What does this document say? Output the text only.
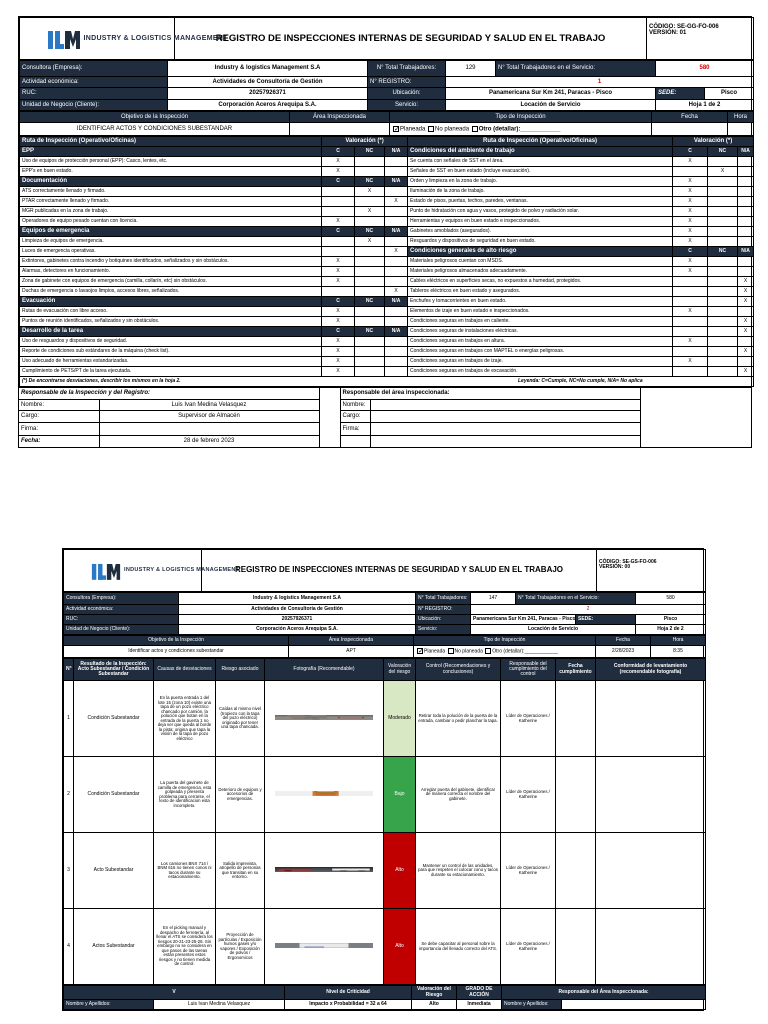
INDUSTRY & LOGISTICS MANAGEMENT
	REGISTRO DE INSPECCIONES INTERNAS DE SEGURIDAD Y SALUD EN EL TRABAJO	
CÓDIGO: SE-GG-FO-006
VERSIÓN: 01
Consultora (Empresa):	Industry & logistics Management S.A	N° Total Trabajadores:	129	N° Total Trabajadores en el Servicio:	580
Actividad económica:	Actividades de Consultoría de Gestión	N° REGISTRO:	1
RUC:	20257926371	Ubicación:	Panamericana Sur Km 241, Paracas - Pisco		SEDE:	Pisco

Unidad de Negocio (Cliente):	Corporación Aceros Arequipa S.A.	Servicio:	Locación de Servicio	Hoja 1 de 2
Objetivo de la Inspección	Área Inspeccionada	Tipo de Inspección	Fecha	Hora
IDENTIFICAR ACTOS Y CONDICIONES SUBESTANDAR		✓Planeada No planeada Otro (detallar):____________		
Ruta de Inspección (Operativo/Oficinas)	Valoración (*)			Ruta de Inspección (Operativo/Oficinas)	Valoración (*)		
EPP	C	NC	N/A	Condiciones del ambiente de trabajo	C	NC	N/A
Uso de equipos de protección personal (EPP): Casco, lentes, etc.	X			Se cuenta con señales de SST en el área.	X		
EPP's en buen estado.	X			Señales de SST en buen estado (incluye evacuación).		X	
Documentación	C	NC	N/A	Orden y limpieza en la zona de trabajo.	X		
ATS correctamente llenado y firmado.		X		Iluminación de la zona de trabajo.	X		
PTAR correctamente llenado y firmado.			X	Estado de pisos, puertas, techos, paredes, ventanas.	X		
MGR publicadas en la zona de trabajo.		X		Punto de hidratación con agua y vasos, protegido de polvo y radiación solar.	X		
Operadores de equipo pesado cuentan con licencia.	X			Herramientas y equipos en buen estado e inspeccionados.	X		
Equipos de emergencia	C	NC	N/A	Gabinetes amoblados (asegurados).	X		
Limpieza de equipos de emergencia.		X		Resguardos y dispositivos de seguridad en buen estado.	X		
Luces de emergencia operativas.			X	Condiciones generales de alto riesgo	C	NC	N/A
Extintores, gabinetes contra incendio y botiquines identificados, señalizados y sin obstáculos.	X			Materiales peligrosos cuentan con MSDS.	X		
Alarmas, detectores en funcionamiento.	X			Materiales peligrosos almacenados adecuadamente.	X		
Zona de gabinete con equipos de emergencia (camilla, collarín, etc) sin obstáculos.	X			Cables eléctricos en superficies secas, no expuestos a humedad, protegidos.			X
Duchas de emergencia o lavaojos limpios, accesos libres, señalizados.			X	Tableros eléctricos en buen estado y asegurados.			X
Evacuación	C	NC	N/A	Enchufes y tomacorrientes en buen estado.			X
Rutas de evacuación con libre acceso.	X			Elementos de izaje en buen estado e inspeccionados.	X		
Puntos de reunión identificados, señalizados y sin obstáculos.	X			Condiciones seguras en trabajos en caliente.			X
Desarrollo de la tarea	C	NC	N/A	Condiciones seguras de instalaciones eléctricas.			X
Uso de resguardos y dispositivos de seguridad.	X			Condiciones seguras en trabajos en altura.	X		
Reporte de condiciones sub estándares de la máquina (check list).	X			Condiciones seguras en trabajos con MAPTEL o energías peligrosas.			X
Uso adecuado de herramientas estandarizadas.	X			Condiciones seguras en trabajos de izaje.	X		
Cumplimiento de PETS/PT de la tarea ejecutada.	X			Condiciones seguras en trabajos de excavación.			X
(*) De encontrarse desviaciones, describir los mismos en la hoja 2.				Leyenda: C=Cumple, NC=No cumple, N/A= No aplica			
Responsable de la Inspección y del Registro:	
Nombre:	Luis Ivan Medina Velasquez
Cargo:	Supervisor de Almacén
Firma:	
Fecha:	28 de febrero 2023
Responsable del área inspeccionada:	
Nombre:	
Cargo:	
Firma:	

INDUSTRY & LOGISTICS MANAGEMENT
	REGISTRO DE INSPECCIONES INTERNAS DE SEGURIDAD Y SALUD EN EL TRABAJO	
CÓDIGO: SE-GS-FO-006
VERSIÓN: 00
Consultora (Empresa):	Industry & logistics Management S.A	N° Total Trabajadores:	147	N° Total Trabajadores en el Servicio:		580
Actividad económica:	Actividades de Consultoría de Gestión	N° REGISTRO:	2			
RUC:	20257926371	Ubicación:	Panamericana Sur Km 241, Paracas - Pisco		SEDE:	Pisco
Unidad de Negocio (Cliente):	Corporación Aceros Arequipa S.A.	Servicio:	Locación de Servicio			Hoja 2 de 2
Objetivo de la Inspección	Área Inspeccionada	Tipo de Inspección	Fecha	Hora
Identificar actos y condiciones subestandar	APT	✓Planeada No planeada Otro (detallar):____________	2/28/2023	8:35
N°	Resultado de la Inspección: Acto Subestandar / Condición Subestandar	Causas de desviaciones	Riesgo asociado	Fotografía (Recomendable)	Valoración del riesgo	Control (Recomendaciones y conclusiones)	Responsable del cumplimiento del control	Fecha cumplimiento	Conformidad de levantamiento (recomendable fotografía)
1	Condición Subestandar	En la puerta entrada 1 del lote 15 (zona 10) existe una tapa de un pozo eléctrico chancado por camión, la polución que botan en la entrada de la puerta 1 no deja ver que queda al borde la pista; origina que tapa la visión de la tapa de pozo eléctrico	Caídas al mismo nivel (tropiezo con la tapa del pozo eléctrico) originado por tener una tapa chancada.		Moderado	Retirar toda la polución de la puerta de la entrada, cambiar o pedir planchar la tapa.	Líder de Operaciones / Katherine		
2	Condición Subestandar	La puerta del gavinete de camilla de emergencia, esta golpeada y presenta problema para cerrarse, el texto de identificacion esta incompleto.	Deterioro de equipos y accesorios de emergencias.		Bajo	Arreglar puerta del gabinete, identificar de manera correcta el nombre del gabinete.	Líder de Operaciones / Katherine		
3	Acto Subestandar	Los camiones BNX 714 / BNM 616 no tienen conos ni tacos durante su estacionamiento.	Salida imprevista, atropello de personas que transitan en su entorno.		Alto	Mantener un control de las unidades, para que respeten el colocar cono y tacos durante su estacionamiento.	Líder de Operaciones / Katherine		
4	Actos Subestandar	En el picking manual y despacho de ferretería, al llenar el ATS se considera los riesgos 20-21-23-25-26. Sin embargo no se considera en que pasos de las tareas están presentes estos riesgos y no tienen medida de control.	Proyección de partículas / Exposición humos gases y/o vapores / Exposición de polvos / Ergonomicos		Alto	Se debe capacitar al personal sobre la importancia del llenado correcto del ATS.	Líder de Operaciones / Katherine		
V		Nivel de Criticidad	Valoración del Riesgo	GRADO DE ACCIÓN	Responsable del Área Inspeccionada:	
Nombre y Apellidos:	Luis Ivan Medina Velasquez	Impacto x Probabilidad = 32 a 64	Alto	Inmediata	Nombre y Apellidos:	
